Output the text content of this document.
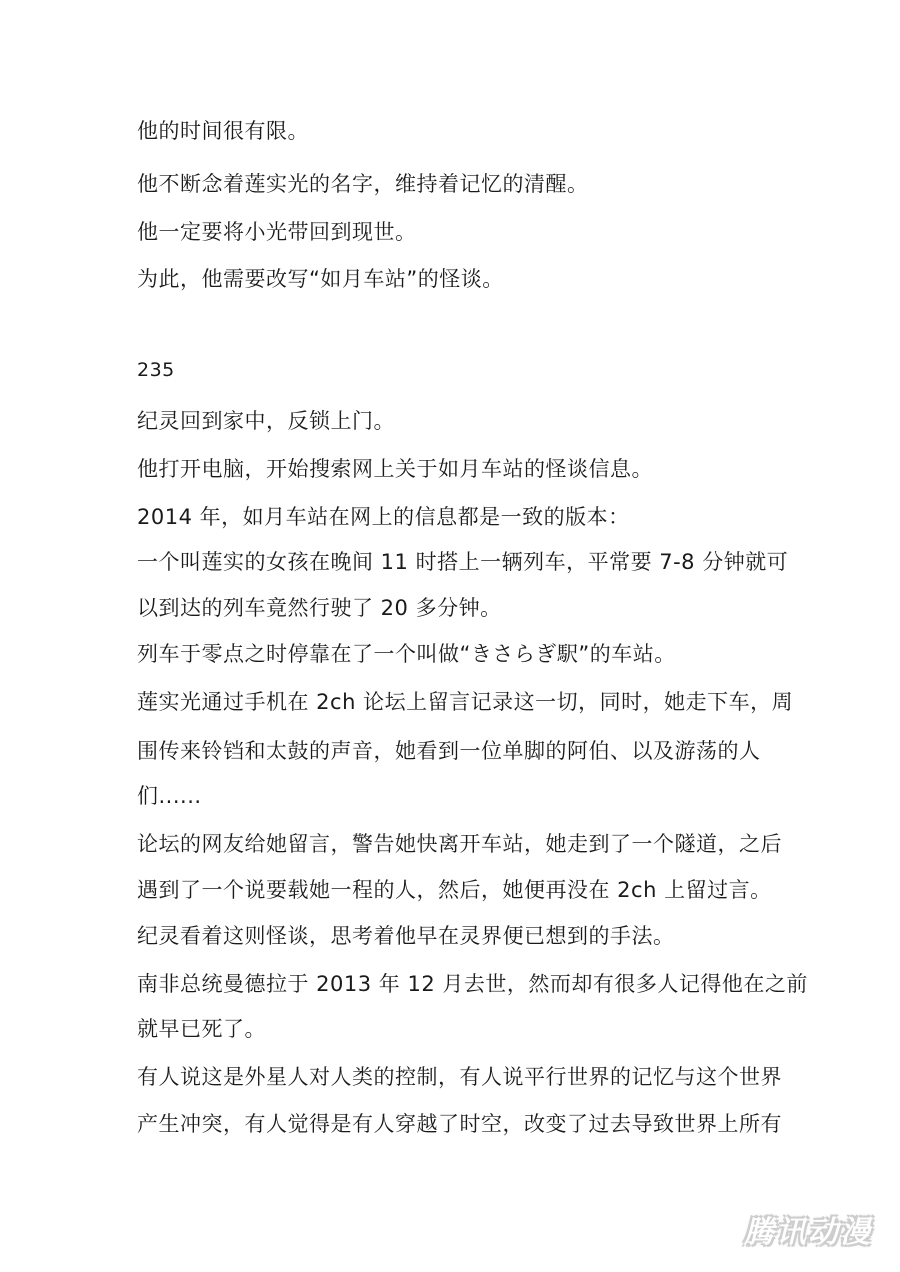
他的时间很有限。
他不断念着莲实光的名字，维持着记忆的清醒。
他一定要将小光带回到现世。
为此，他需要改写“如月车站”的怪谈。
235
纪灵回到家中，反锁上门。
他打开电脑，开始搜索网上关于如月车站的怪谈信息。
2014 年，如月车站在网上的信息都是一致的版本：
一个叫莲实的女孩在晚间 11 时搭上一辆列车，平常要 7-8 分钟就可
以到达的列车竟然行驶了 20 多分钟。
列车于零点之时停靠在了一个叫做“きさらぎ駅”的车站。
莲实光通过手机在 2ch 论坛上留言记录这一切，同时，她走下车，周
围传来铃铛和太鼓的声音，她看到一位单脚的阿伯、以及游荡的人
们......
论坛的网友给她留言，警告她快离开车站，她走到了一个隧道，之后
遇到了一个说要载她一程的人，然后，她便再没在 2ch 上留过言。
纪灵看着这则怪谈，思考着他早在灵界便已想到的手法。
南非总统曼德拉于 2013 年 12 月去世，然而却有很多人记得他在之前
就早已死了。
有人说这是外星人对人类的控制，有人说平行世界的记忆与这个世界
产生冲突，有人觉得是有人穿越了时空，改变了过去导致世界上所有
腾讯动漫
